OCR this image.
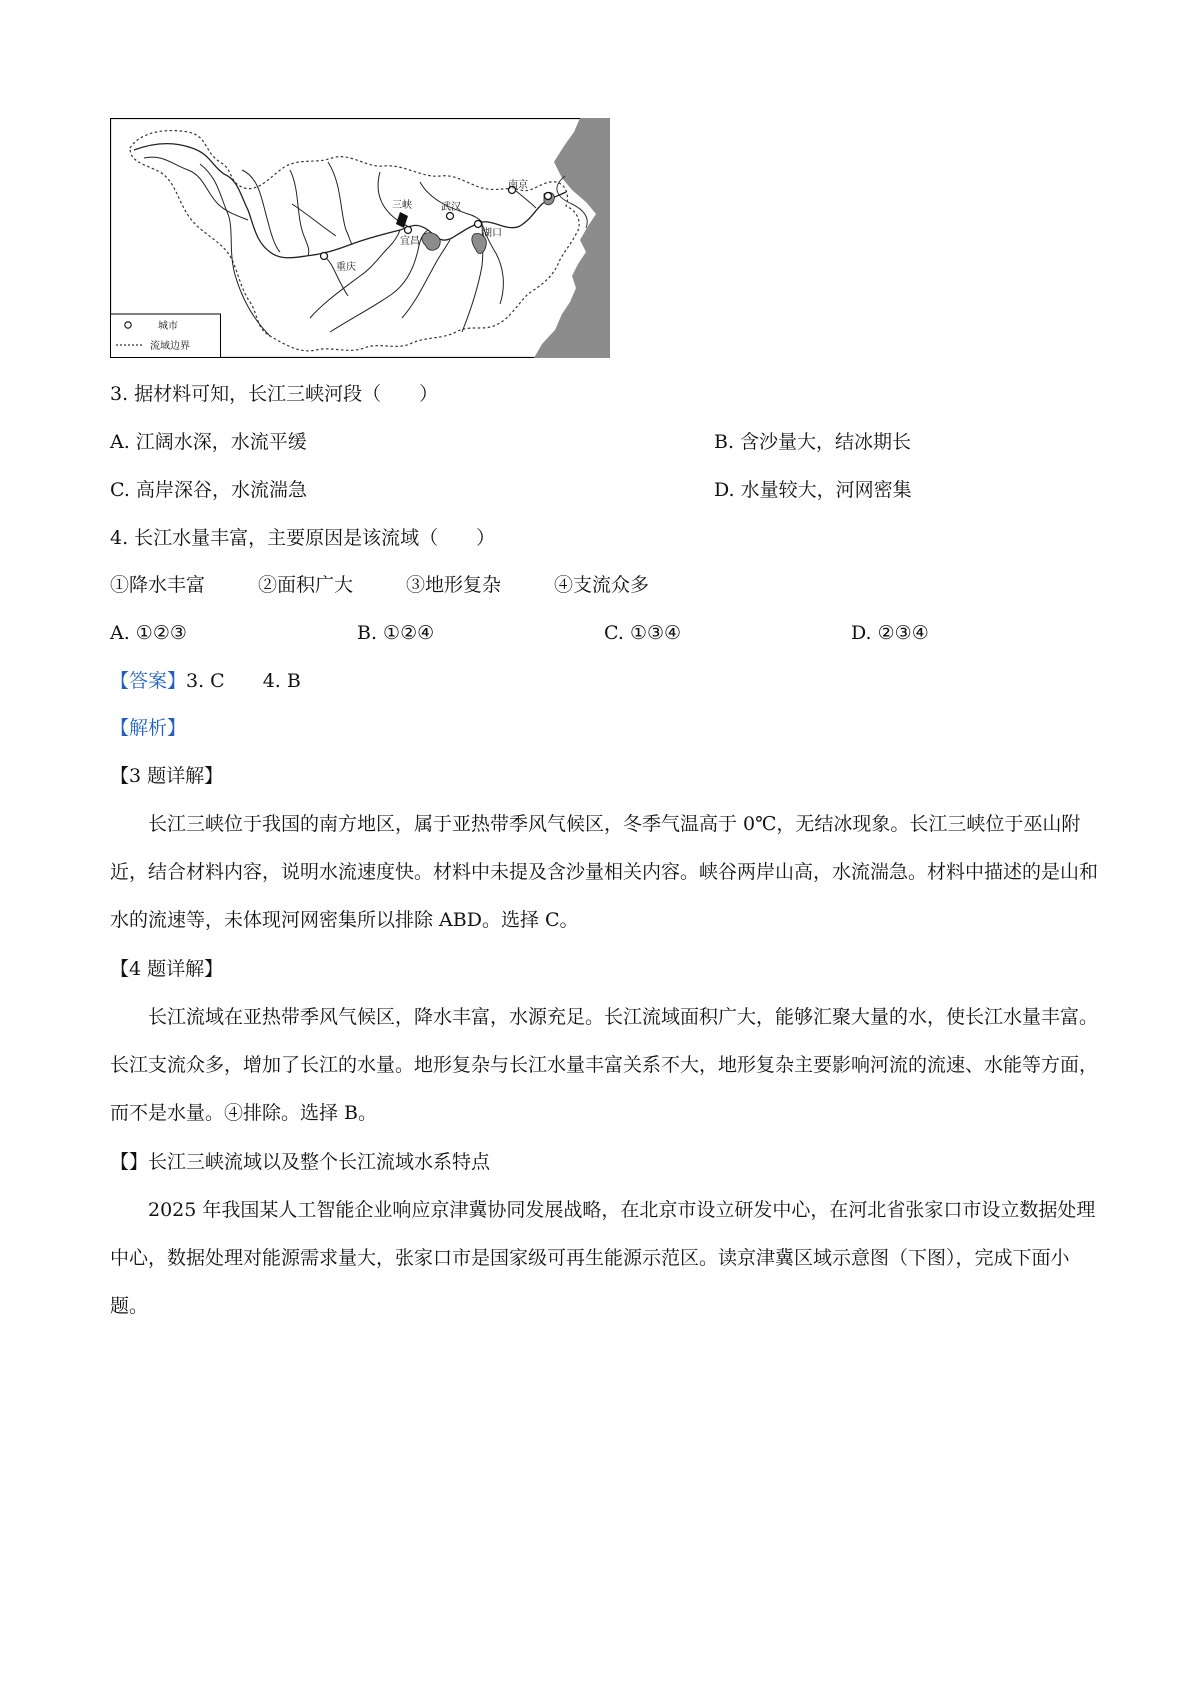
三峡	武汉
南京
宜昌
湖口
重庆
城市
流域边界
3. 据材料可知，长江三峡河段（　　）
A. 江阔水深，水流平缓	B. 含沙量大，结冰期长
C. 高岸深谷，水流湍急	D. 水量较大，河网密集
4. 长江水量丰富，主要原因是该流域（　　）
①降水丰富	②面积广大	③地形复杂	④支流众多
A. ①②③	B. ①②④	C. ①③④	D. ②③④
【答案】3. C　　4. B
【解析】
【3 题详解】
长江三峡位于我国的南方地区，属于亚热带季风气候区，冬季气温高于 0℃，无结冰现象。长江三峡位于巫山附近，结合材料内容，说明水流速度快。材料中未提及含沙量相关内容。峡谷两岸山高，水流湍急。材料中描述的是山和水的流速等，未体现河网密集所以排除 ABD。选择 C。
【4 题详解】
长江流域在亚热带季风气候区，降水丰富，水源充足。长江流域面积广大，能够汇聚大量的水，使长江水量丰富。长江支流众多，增加了长江的水量。地形复杂与长江水量丰富关系不大，地形复杂主要影响河流的流速、水能等方面，而不是水量。④排除。选择 B。
【】长江三峡流域以及整个长江流域水系特点
2025 年我国某人工智能企业响应京津冀协同发展战略，在北京市设立研发中心，在河北省张家口市设立数据处理中心，数据处理对能源需求量大，张家口市是国家级可再生能源示范区。读京津冀区域示意图（下图），完成下面小题。
